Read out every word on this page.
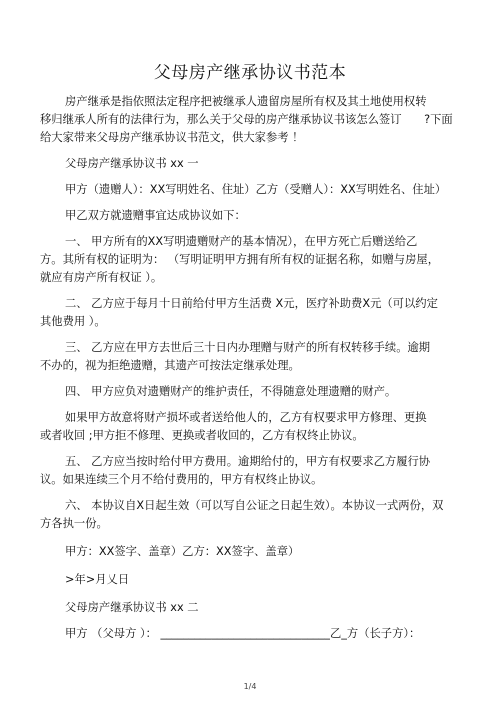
父母房产继承协议书范本
房产继承是指依照法定程序把被继承人遗留房屋所有权及其土地使用权转
移归继承人所有的法律行为，那么关于父母的房产继承协议书该怎么签订　　?下面
给大家带来父母房产继承协议书范文，供大家参考 ！
父母房产继承协议书 xx 一
甲方（遗赠人）：XX写明姓名、住址）乙方（受赠人）：XX写明姓名、住址）
甲乙双方就遗赠事宜达成协议如下：
一、 甲方所有的XX写明遗赠财产的基本情况），在甲方死亡后赠送给乙
方。其所有权的证明为： （写明证明甲方拥有所有权的证据名称，如赠与房屋，
就应有房产所有权证 ）。
二、 乙方应于每月十日前给付甲方生活费 X元，医疗补助费X元（可以约定
其他费用 ）。
三、 乙方应在甲方去世后三十日内办理赠与财产的所有权转移手续。逾期
不办的，视为拒绝遗赠，其遗产可按法定继承处理。
四、 甲方应负对遗赠财产的维护责任，不得随意处理遗赠的财产。
如果甲方故意将财产损坏或者送给他人的，乙方有权要求甲方修理、更换
或者收回 ;甲方拒不修理、更换或者收回的，乙方有权终止协议。
五、 乙方应当按时给付甲方费用。逾期给付的，甲方有权要求乙方履行协
议。如果连续三个月不给付费用的，甲方有权终止协议。
六、 本协议自X日起生效（可以写自公证之日起生效）。本协议一式两份，双
方各执一份。
甲方：XX签字、盖章）乙方：XX签字、盖章）
>年>月乂日
父母房产继承协议书 xx 二
甲方 （父母方 ）： ______________________________乙_方（长子方）：
1/4
